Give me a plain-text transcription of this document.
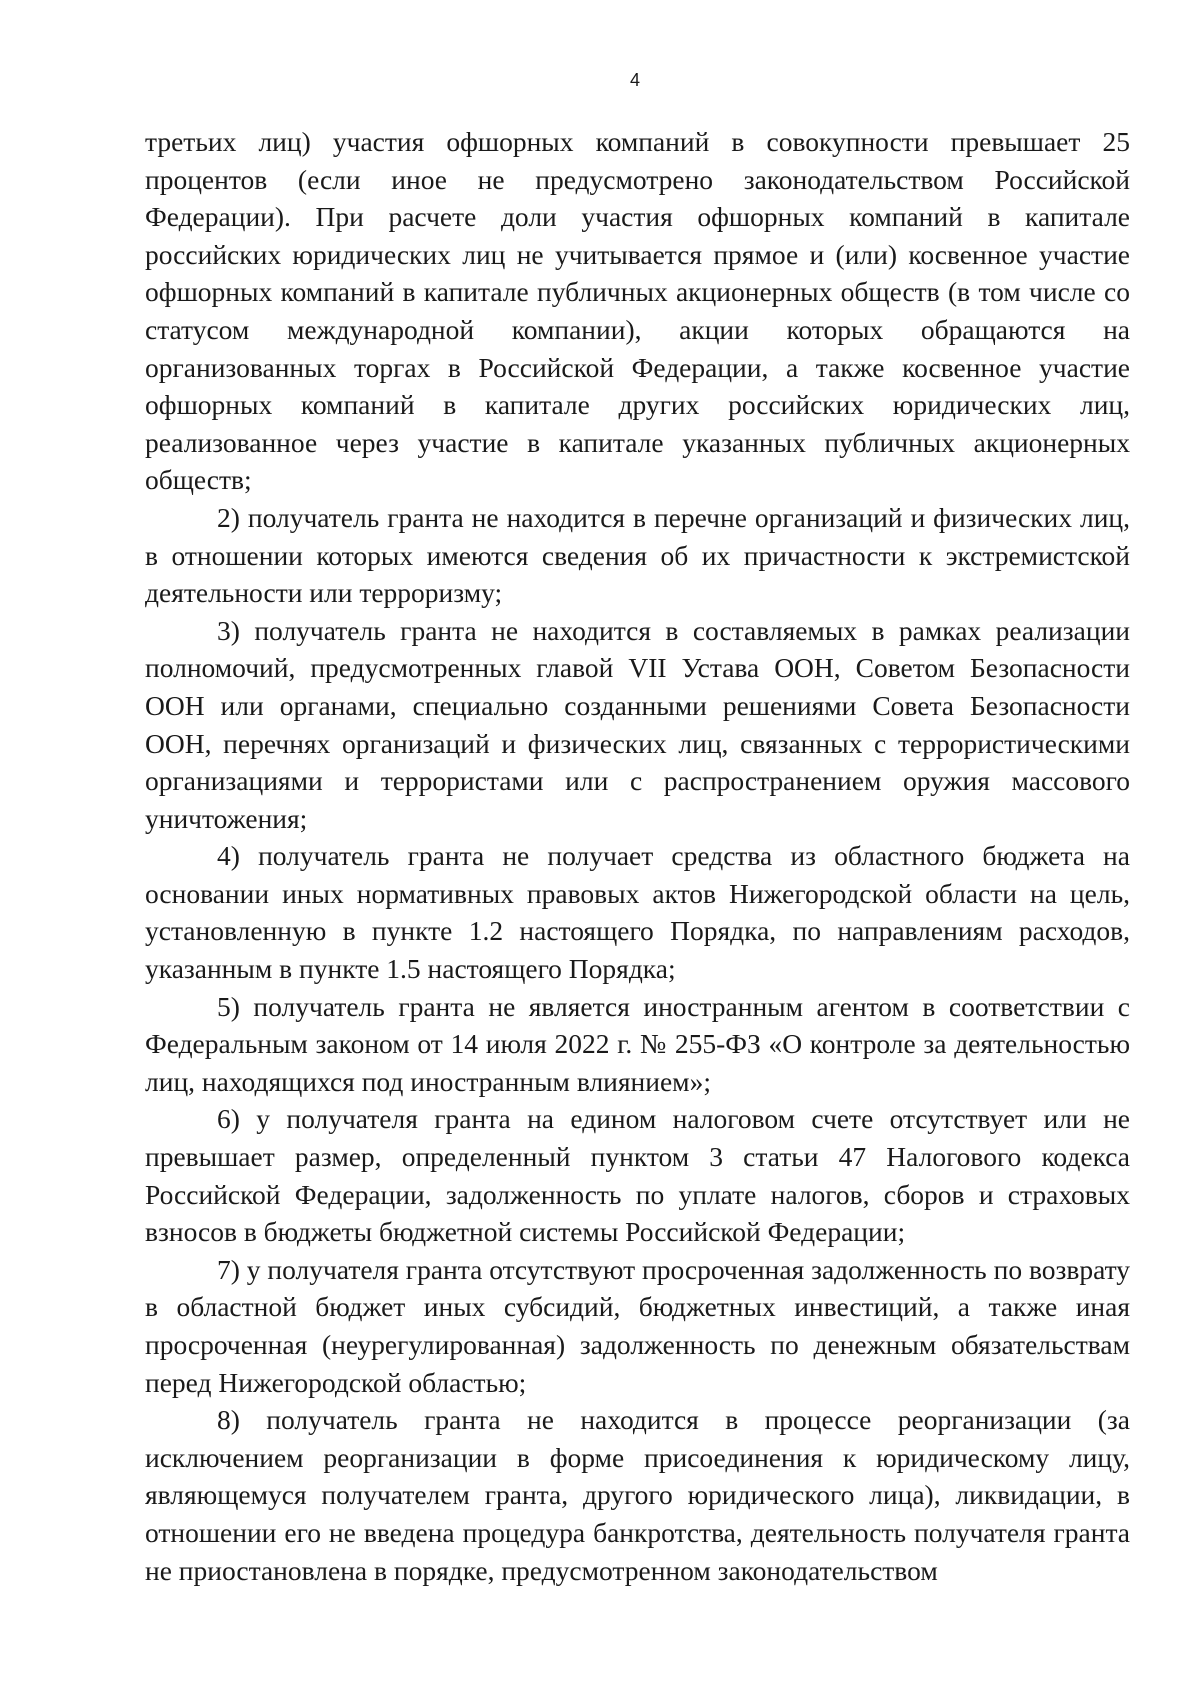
4

третьих лиц) участия офшорных компаний в совокупности превышает 25 процентов (если иное не предусмотрено законодательством Российской Федерации). При расчете доли участия офшорных компаний в капитале российских юридических лиц не учитывается прямое и (или) косвенное участие офшорных компаний в капитале публичных акционерных обществ (в том числе со статусом международной компании), акции которых обращаются на организованных торгах в Российской Федерации, а также косвенное участие офшорных компаний в капитале других российских юридических лиц, реализованное через участие в капитале указанных публичных акционерных обществ;

2) получатель гранта не находится в перечне организаций и физических лиц, в отношении которых имеются сведения об их причастности к экстремистской деятельности или терроризму;

3) получатель гранта не находится в составляемых в рамках реализации полномочий, предусмотренных главой VII Устава ООН, Советом Безопасности ООН или органами, специально созданными решениями Совета Безопасности ООН, перечнях организаций и физических лиц, связанных с террористическими организациями и террористами или с распространением оружия массового уничтожения;

4) получатель гранта не получает средства из областного бюджета на основании иных нормативных правовых актов Нижегородской области на цель, установленную в пункте 1.2 настоящего Порядка, по направлениям расходов, указанным в пункте 1.5 настоящего Порядка;

5) получатель гранта не является иностранным агентом в соответствии с Федеральным законом от 14 июля 2022 г. № 255-ФЗ «О контроле за деятельностью лиц, находящихся под иностранным влиянием»;

6) у получателя гранта на едином налоговом счете отсутствует или не превышает размер, определенный пунктом 3 статьи 47 Налогового кодекса Российской Федерации, задолженность по уплате налогов, сборов и страховых взносов в бюджеты бюджетной системы Российской Федерации;

7) у получателя гранта отсутствуют просроченная задолженность по возврату в областной бюджет иных субсидий, бюджетных инвестиций, а также иная просроченная (неурегулированная) задолженность по денежным обязательствам перед Нижегородской областью;

8) получатель гранта не находится в процессе реорганизации (за исключением реорганизации в форме присоединения к юридическому лицу, являющемуся получателем гранта, другого юридического лица), ликвидации, в отношении его не введена процедура банкротства, деятельность получателя гранта не приостановлена в порядке, предусмотренном законодательством
